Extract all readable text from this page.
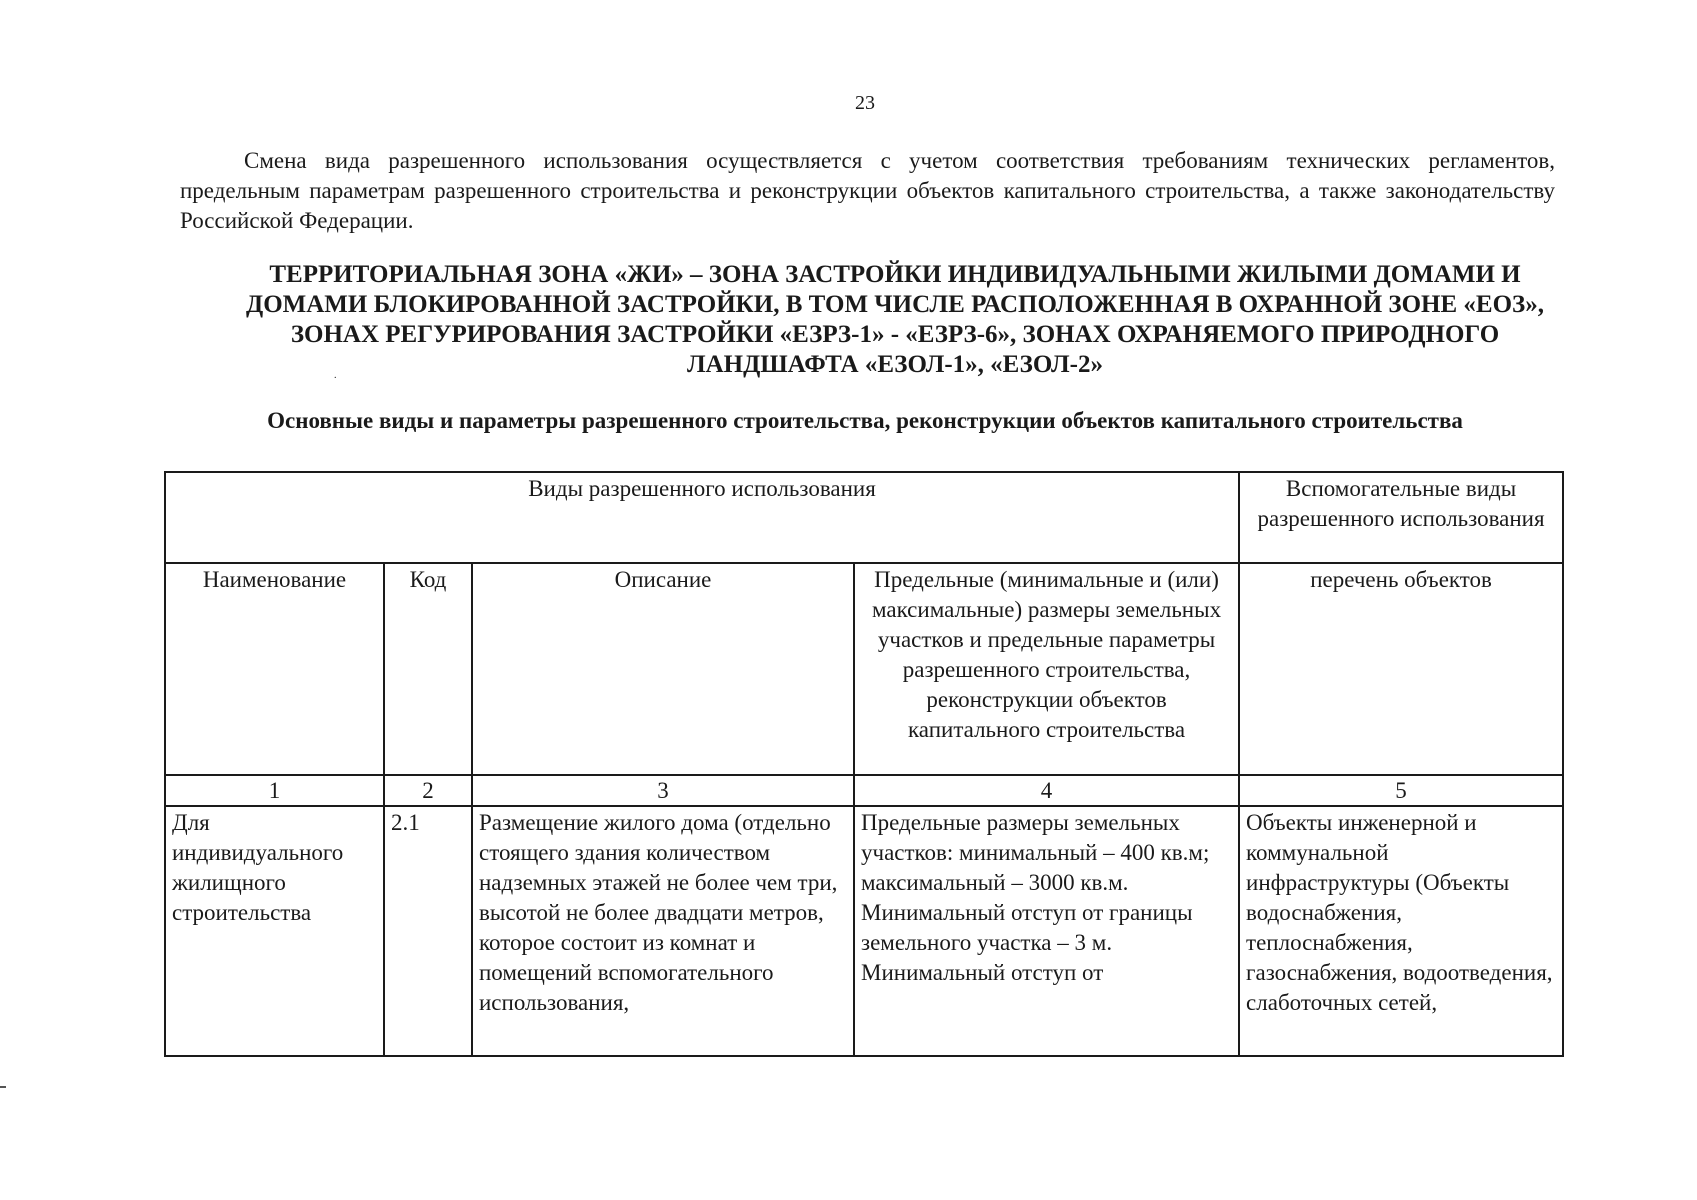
23

Смена вида разрешенного использования осуществляется с учетом соответствия требованиям технических регламентов, предельным параметрам разрешенного строительства и реконструкции объектов капитального строительства, а также законодательству Российской Федерации.

ТЕРРИТОРИАЛЬНАЯ ЗОНА «ЖИ» – ЗОНА ЗАСТРОЙКИ ИНДИВИДУАЛЬНЫМИ ЖИЛЫМИ ДОМАМИ И ДОМАМИ БЛОКИРОВАННОЙ ЗАСТРОЙКИ, В ТОМ ЧИСЛЕ РАСПОЛОЖЕННАЯ В ОХРАННОЙ ЗОНЕ «ЕОЗ», ЗОНАХ РЕГУРИРОВАНИЯ ЗАСТРОЙКИ «ЕЗРЗ-1» - «ЕЗРЗ-6», ЗОНАХ ОХРАНЯЕМОГО ПРИРОДНОГО ЛАНДШАФТА «ЕЗОЛ-1», «ЕЗОЛ-2»
.
Основные виды и параметры разрешенного строительства, реконструкции объектов капитального строительства
Виды разрешенного использования				Вспомогательные виды разрешенного использования
Наименование	Код	Описание	Предельные (минимальные и (или) максимальные) размеры земельных участков и предельные параметры разрешенного строительства, реконструкции объектов капитального строительства	перечень объектов
1	2	3	4	5
Для индивидуального жилищного строительства	2.1	Размещение жилого дома (отдельно стоящего здания количеством надземных этажей не более чем три, высотой не более двадцати метров, которое состоит из комнат и помещений вспомогательного использования,	Предельные размеры земельных участков: минимальный – 400 кв.м; максимальный – 3000 кв.м. Минимальный отступ от границы земельного участка – 3 м. Минимальный отступ от	Объекты инженерной и коммунальной инфраструктуры (Объекты водоснабжения, теплоснабжения, газоснабжения, водоотведения, слаботочных сетей,
